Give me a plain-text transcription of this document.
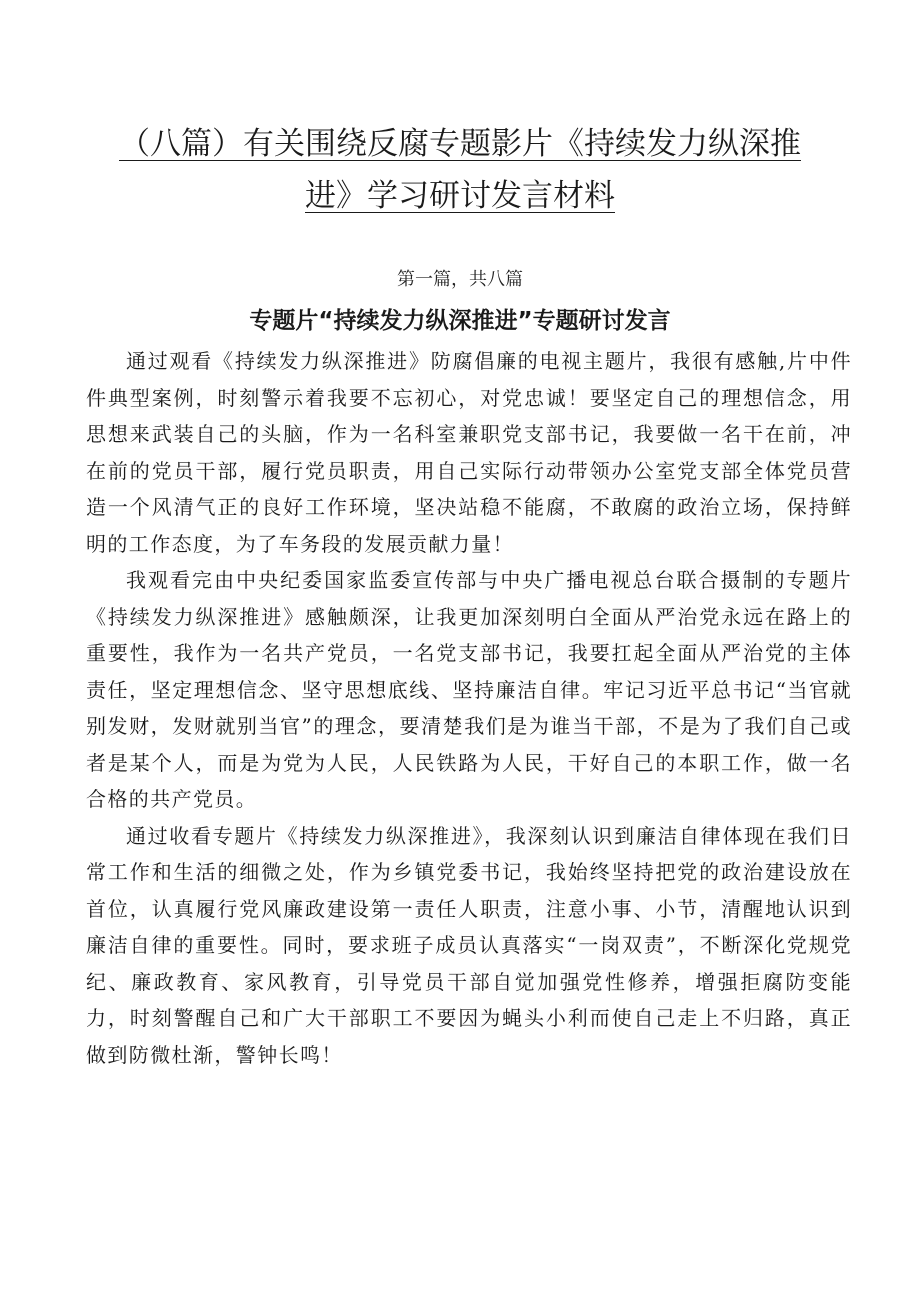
（八篇）有关围绕反腐专题影片《持续发力纵深推进》学习研讨发言材料
第一篇，共八篇
专题片“持续发力纵深推进”专题研讨发言

通过观看《持续发力纵深推进》防腐倡廉的电视主题片，我很有感触,片中件件典型案例，时刻警示着我要不忘初心，对党忠诚！要坚定自己的理想信念，用思想来武装自己的头脑，作为一名科室兼职党支部书记，我要做一名干在前，冲在前的党员干部，履行党员职责，用自己实际行动带领办公室党支部全体党员营造一个风清气正的良好工作环境，坚决站稳不能腐，不敢腐的政治立场，保持鲜明的工作态度，为了车务段的发展贡献力量！

我观看完由中央纪委国家监委宣传部与中央广播电视总台联合摄制的专题片《持续发力纵深推进》感触颇深，让我更加深刻明白全面从严治党永远在路上的重要性，我作为一名共产党员，一名党支部书记，我要扛起全面从严治党的主体责任，坚定理想信念、坚守思想底线、坚持廉洁自律。牢记习近平总书记“当官就别发财，发财就别当官”的理念，要清楚我们是为谁当干部，不是为了我们自己或者是某个人，而是为党为人民，人民铁路为人民，干好自己的本职工作，做一名合格的共产党员。

通过收看专题片《持续发力纵深推进》，我深刻认识到廉洁自律体现在我们日常工作和生活的细微之处，作为乡镇党委书记，我始终坚持把党的政治建设放在首位，认真履行党风廉政建设第一责任人职责，注意小事、小节，清醒地认识到廉洁自律的重要性。同时，要求班子成员认真落实“一岗双责”，不断深化党规党纪、廉政教育、家风教育，引导党员干部自觉加强党性修养，增强拒腐防变能力，时刻警醒自己和广大干部职工不要因为蝇头小利而使自己走上不归路，真正做到防微杜渐，警钟长鸣！
